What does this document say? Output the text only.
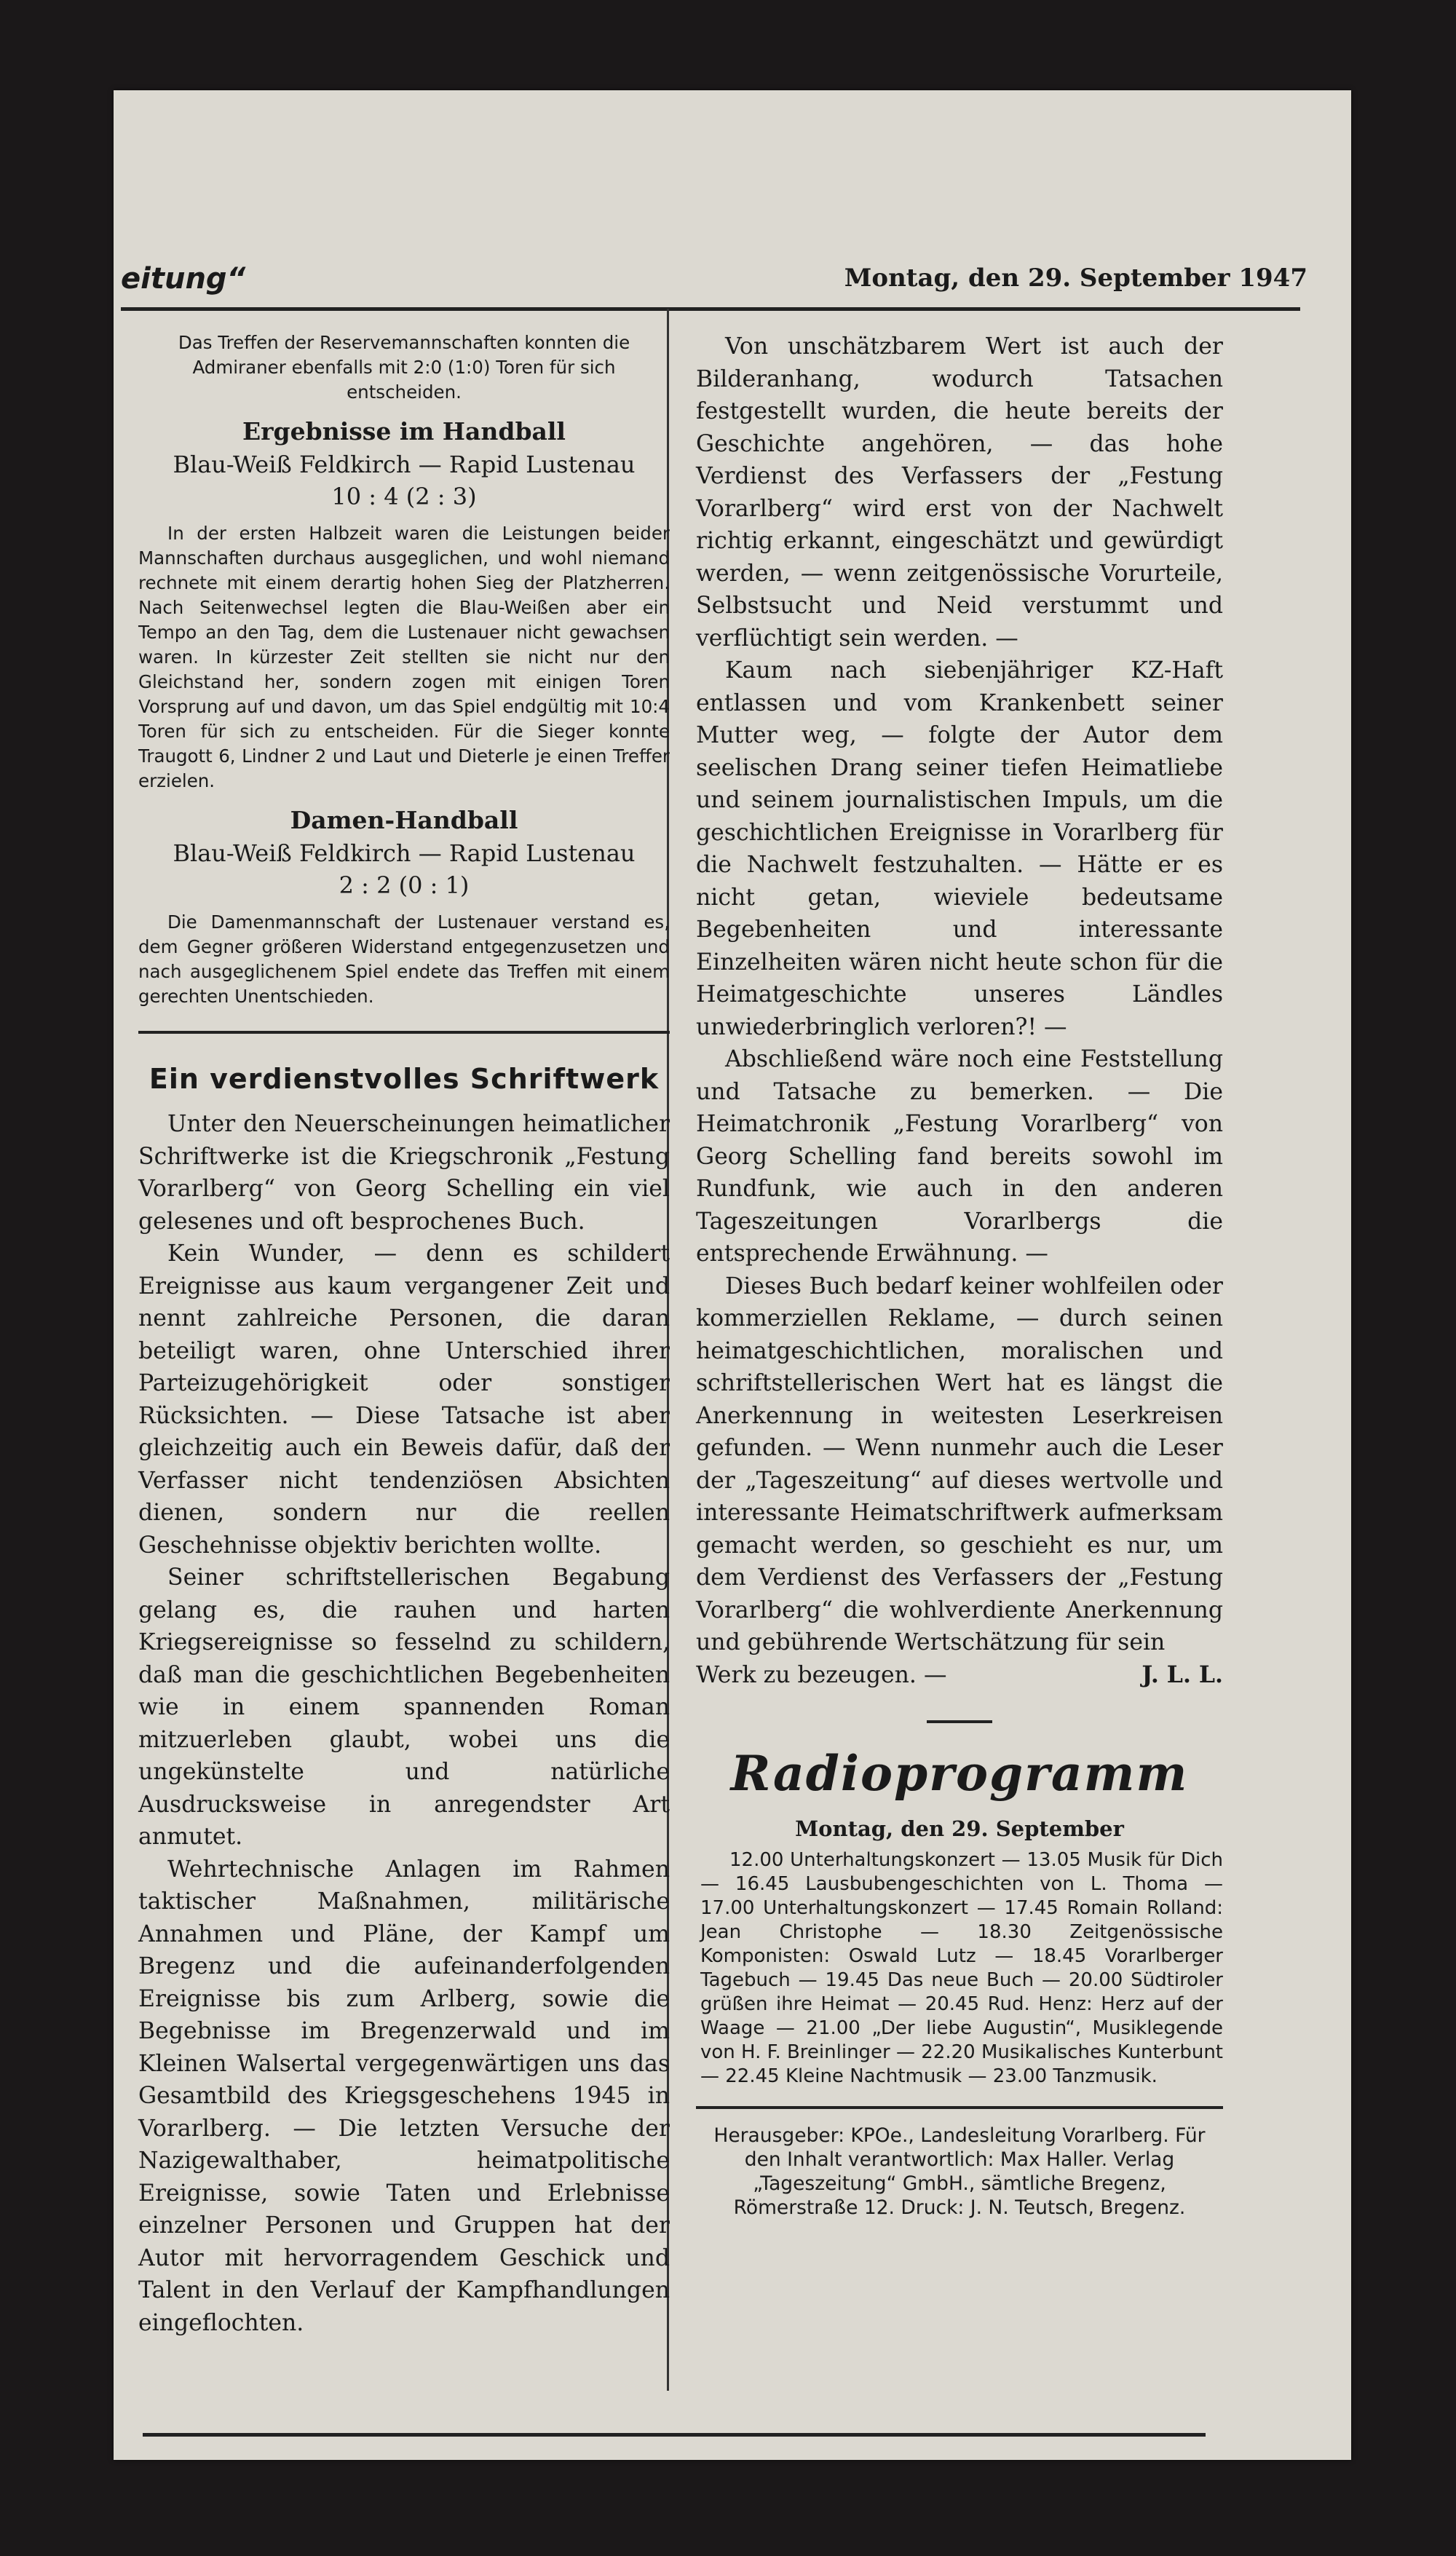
eitung“	Montag, den 29. September 1947

Das Treffen der Reservemannschaften konnten die Admiraner ebenfalls mit 2:0 (1:0) Toren für sich entscheiden.

Ergebnisse im Handball

Blau-Weiß Feldkirch — Rapid Lustenau

10 : 4 (2 : 3)

In der ersten Halbzeit waren die Leistungen beider Mannschaften durchaus ausgeglichen, und wohl niemand rechnete mit einem derartig hohen Sieg der Platzherren. Nach Seitenwechsel legten die Blau-Weißen aber ein Tempo an den Tag, dem die Lustenauer nicht gewachsen waren. In kürzester Zeit stellten sie nicht nur den Gleichstand her, sondern zogen mit einigen Toren Vorsprung auf und davon, um das Spiel endgültig mit 10:4 Toren für sich zu entscheiden. Für die Sieger konnte Traugott 6, Lindner 2 und Laut und Dieterle je einen Treffer erzielen.

Damen-Handball

Blau-Weiß Feldkirch — Rapid Lustenau

2 : 2 (0 : 1)

Die Damenmannschaft der Lustenauer verstand es, dem Gegner größeren Widerstand entgegenzusetzen und nach ausgeglichenem Spiel endete das Treffen mit einem gerechten Unentschieden.

Ein verdienstvolles Schriftwerk

Unter den Neuerscheinungen heimatlicher Schriftwerke ist die Kriegschronik „Festung Vorarlberg“ von Georg Schelling ein viel gelesenes und oft besprochenes Buch.

Kein Wunder, — denn es schildert Ereignisse aus kaum vergangener Zeit und nennt zahlreiche Personen, die daran beteiligt waren, ohne Unterschied ihrer Parteizugehörigkeit oder sonstiger Rücksichten. — Diese Tatsache ist aber gleichzeitig auch ein Beweis dafür, daß der Verfasser nicht tendenziösen Absichten dienen, sondern nur die reellen Geschehnisse objektiv berichten wollte.

Seiner schriftstellerischen Begabung gelang es, die rauhen und harten Kriegsereignisse so fesselnd zu schildern, daß man die geschichtlichen Begebenheiten wie in einem spannenden Roman mitzuerleben glaubt, wobei uns die ungekünstelte und natürliche Ausdrucksweise in anregendster Art anmutet.

Wehrtechnische Anlagen im Rahmen taktischer Maßnahmen, militärische Annahmen und Pläne, der Kampf um Bregenz und die aufeinanderfolgenden Ereignisse bis zum Arlberg, sowie die Begebnisse im Bregenzerwald und im Kleinen Walsertal vergegenwärtigen uns das Gesamtbild des Kriegsgeschehens 1945 in Vorarlberg. — Die letzten Versuche der Nazigewalthaber, heimatpolitische Ereignisse, sowie Taten und Erlebnisse einzelner Personen und Gruppen hat der Autor mit hervorragendem Geschick und Talent in den Verlauf der Kampfhandlungen eingeflochten.

Von unschätzbarem Wert ist auch der Bilderanhang, wodurch Tatsachen festgestellt wurden, die heute bereits der Geschichte angehören, — das hohe Verdienst des Verfassers der „Festung Vorarlberg“ wird erst von der Nachwelt richtig erkannt, eingeschätzt und gewürdigt werden, — wenn zeitgenössische Vorurteile, Selbstsucht und Neid verstummt und verflüchtigt sein werden. —

Kaum nach siebenjähriger KZ-Haft entlassen und vom Krankenbett seiner Mutter weg, — folgte der Autor dem seelischen Drang seiner tiefen Heimatliebe und seinem journalistischen Impuls, um die geschichtlichen Ereignisse in Vorarlberg für die Nachwelt festzuhalten. — Hätte er es nicht getan, wieviele bedeutsame Begebenheiten und interessante Einzelheiten wären nicht heute schon für die Heimatgeschichte unseres Ländles unwiederbringlich verloren?! —

Abschließend wäre noch eine Feststellung und Tatsache zu bemerken. — Die Heimatchronik „Festung Vorarlberg“ von Georg Schelling fand bereits sowohl im Rundfunk, wie auch in den anderen Tageszeitungen Vorarlbergs die entsprechende Erwähnung. —

Dieses Buch bedarf keiner wohlfeilen oder kommerziellen Reklame, — durch seinen heimatgeschichtlichen, moralischen und schriftstellerischen Wert hat es längst die Anerkennung in weitesten Leserkreisen gefunden. — Wenn nunmehr auch die Leser der „Tageszeitung“ auf dieses wertvolle und interessante Heimatschriftwerk aufmerksam gemacht werden, so geschieht es nur, um dem Verdienst des Verfassers der „Festung Vorarlberg“ die wohlverdiente Anerkennung und gebührende Wertschätzung für sein

Werk zu bezeugen. —	J. L. L.

Radioprogramm

Montag, den 29. September

12.00 Unterhaltungskonzert — 13.05 Musik für Dich — 16.45 Lausbubengeschichten von L. Thoma — 17.00 Unterhaltungskonzert — 17.45 Romain Rolland: Jean Christophe — 18.30 Zeitgenössische Komponisten: Oswald Lutz — 18.45 Vorarlberger Tagebuch — 19.45 Das neue Buch — 20.00 Südtiroler grüßen ihre Heimat — 20.45 Rud. Henz: Herz auf der Waage — 21.00 „Der liebe Augustin“, Musiklegende von H. F. Breinlinger — 22.20 Musikalisches Kunterbunt — 22.45 Kleine Nachtmusik — 23.00 Tanzmusik.

Herausgeber: KPOe., Landesleitung Vorarlberg. Für den Inhalt verantwortlich: Max Haller. Verlag „Tageszeitung“ GmbH., sämtliche Bregenz, Römerstraße 12. Druck: J. N. Teutsch, Bregenz.
